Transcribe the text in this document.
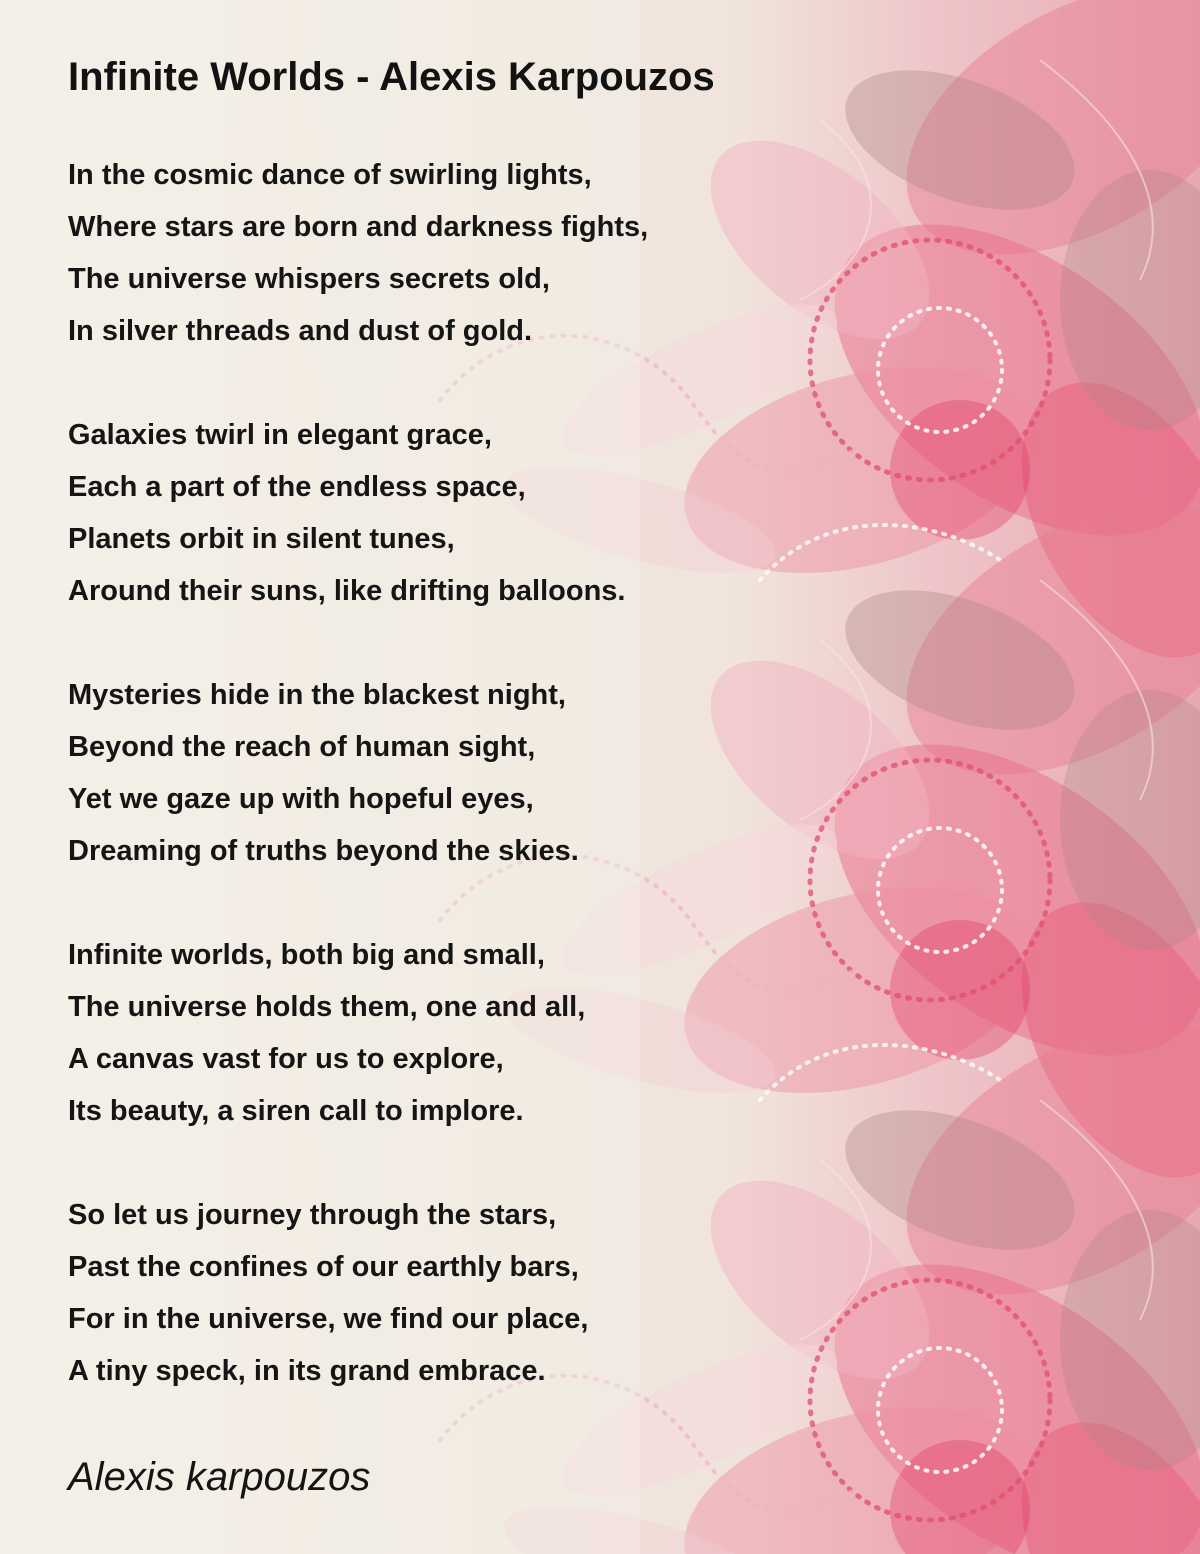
Infinite Worlds - Alexis Karpouzos
In the cosmic dance of swirling lights,
Where stars are born and darkness fights,
The universe whispers secrets old,
In silver threads and dust of gold.
Galaxies twirl in elegant grace,
Each a part of the endless space,
Planets orbit in silent tunes,
Around their suns, like drifting balloons.
Mysteries hide in the blackest night,
Beyond the reach of human sight,
Yet we gaze up with hopeful eyes,
Dreaming of truths beyond the skies.
Infinite worlds, both big and small,
The universe holds them, one and all,
A canvas vast for us to explore,
Its beauty, a siren call to implore.
So let us journey through the stars,
Past the confines of our earthly bars,
For in the universe, we find our place,
A tiny speck, in its grand embrace.
Alexis karpouzos
